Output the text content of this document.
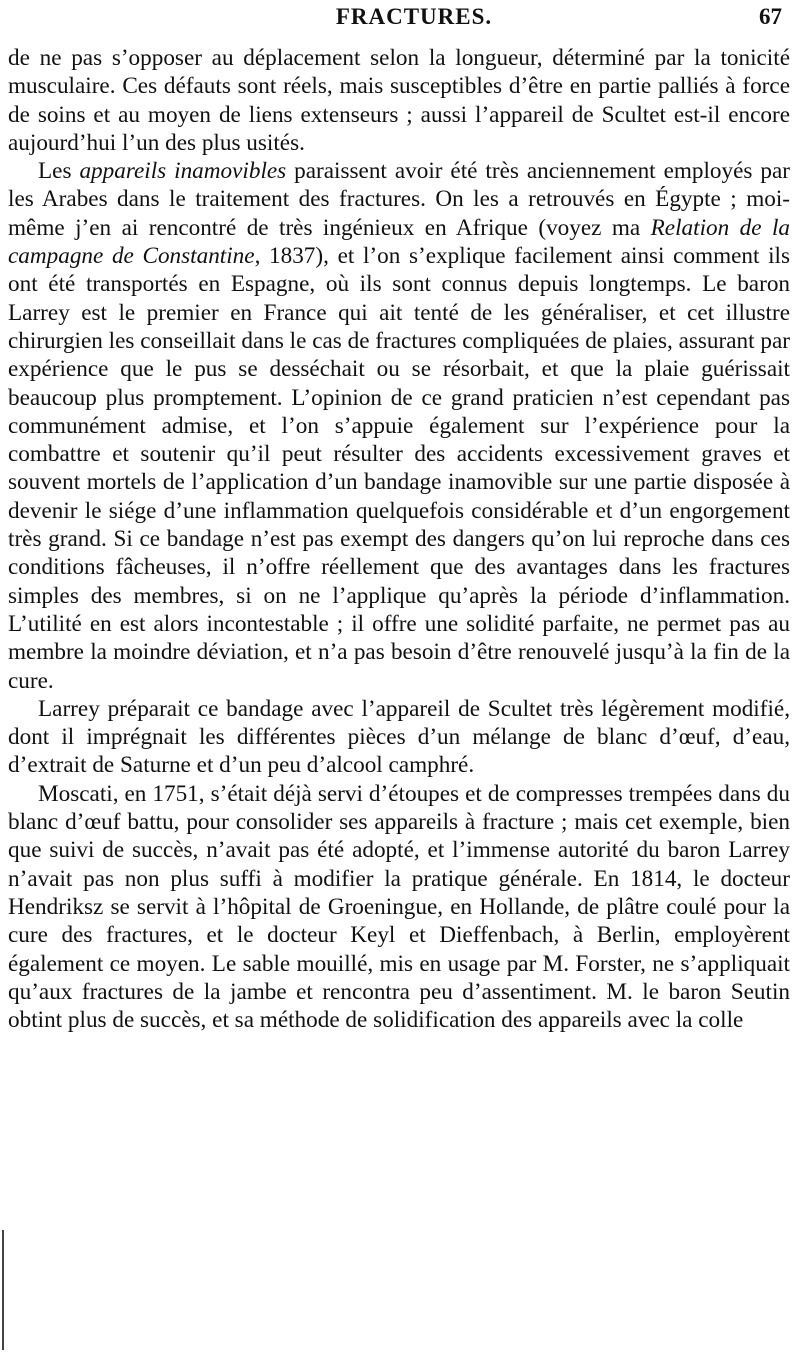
FRACTURES.	67

de ne pas s’opposer au déplacement selon la longueur, déterminé par la tonicité musculaire. Ces défauts sont réels, mais susceptibles d’être en partie palliés à force de soins et au moyen de liens extenseurs ; aussi l’appareil de Scultet est-il encore aujourd’hui l’un des plus usités.

Les appareils inamovibles paraissent avoir été très anciennement employés par les Arabes dans le traitement des fractures. On les a retrouvés en Égypte ; moi-même j’en ai rencontré de très ingénieux en Afrique (voyez ma Relation de la campagne de Constantine, 1837), et l’on s’explique facilement ainsi comment ils ont été transportés en Espagne, où ils sont connus depuis longtemps. Le baron Larrey est le premier en France qui ait tenté de les généraliser, et cet illustre chirurgien les conseillait dans le cas de fractures compliquées de plaies, assurant par expérience que le pus se desséchait ou se résorbait, et que la plaie guérissait beaucoup plus promptement. L’opinion de ce grand praticien n’est cependant pas communément admise, et l’on s’appuie également sur l’expérience pour la combattre et soutenir qu’il peut résulter des accidents excessivement graves et souvent mortels de l’application d’un bandage inamovible sur une partie disposée à devenir le siége d’une inflammation quelquefois considérable et d’un engorgement très grand. Si ce bandage n’est pas exempt des dangers qu’on lui reproche dans ces conditions fâcheuses, il n’offre réellement que des avantages dans les fractures simples des membres, si on ne l’applique qu’après la période d’inflammation. L’utilité en est alors incontestable ; il offre une solidité parfaite, ne permet pas au membre la moindre déviation, et n’a pas besoin d’être renouvelé jusqu’à la fin de la cure.

Larrey préparait ce bandage avec l’appareil de Scultet très légèrement modifié, dont il imprégnait les différentes pièces d’un mélange de blanc d’œuf, d’eau, d’extrait de Saturne et d’un peu d’alcool camphré.

Moscati, en 1751, s’était déjà servi d’étoupes et de compresses trempées dans du blanc d’œuf battu, pour consolider ses appareils à fracture ; mais cet exemple, bien que suivi de succès, n’avait pas été adopté, et l’immense autorité du baron Larrey n’avait pas non plus suffi à modifier la pratique générale. En 1814, le docteur Hendriksz se servit à l’hôpital de Groeningue, en Hollande, de plâtre coulé pour la cure des fractures, et le docteur Keyl et Dieffenbach, à Berlin, employèrent également ce moyen. Le sable mouillé, mis en usage par M. Forster, ne s’appliquait qu’aux fractures de la jambe et rencontra peu d’assentiment. M. le baron Seutin obtint plus de succès, et sa méthode de solidification des appareils avec la colle
